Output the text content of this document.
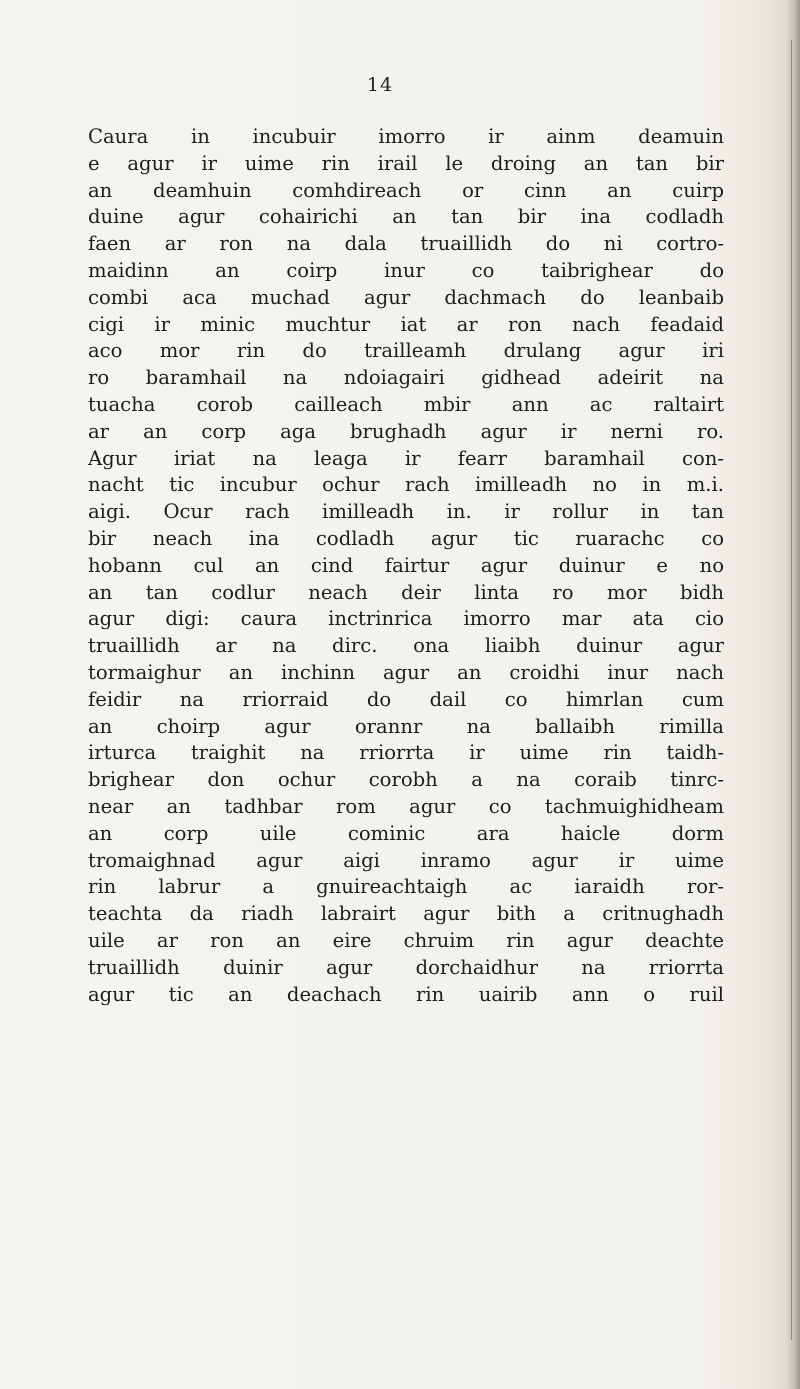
14
Caura in incubuir imorro ir ainm deamuin
e agur ir uime rin irail le droing an tan bir
an deamhuin comhdireach or cinn an cuirp
duine agur cohairichi an tan bir ina codladh
faen ar ron na dala truaillidh do ni cortro-
maidinn an coirp inur co taibrighear do
combi aca muchad agur dachmach do leanbaib
cigi ir minic muchtur iat ar ron nach feadaid
aco mor rin do trailleamh drulang agur iri
ro baramhail na ndoiagairi gidhead adeirit na
tuacha corob cailleach mbir ann ac raltairt
ar an corp aga brughadh agur ir nerni ro.
Agur iriat na leaga ir fearr baramhail con-
nacht tic incubur ochur rach imilleadh no in m.i.
aigi. Ocur rach imilleadh in. ir rollur in tan
bir neach ina codladh agur tic ruarachc co
hobann cul an cind fairtur agur duinur e no
an tan codlur neach deir linta ro mor bidh
agur digi: caura inctrinrica imorro mar ata cio
truaillidh ar na dirc. ona liaibh duinur agur
tormaighur an inchinn agur an croidhi inur nach
feidir na rriorraid do dail co himrlan cum
an choirp agur orannr na ballaibh rimilla
irturca traighit na rriorrta ir uime rin taidh-
brighear don ochur corobh a na coraib tinrc-
near an tadhbar rom agur co tachmuighidheam
an corp uile cominic ara haicle dorm
tromaighnad agur aigi inramo agur ir uime
rin labrur a gnuireachtaigh ac iaraidh ror-
teachta da riadh labrairt agur bith a critnughadh
uile ar ron an eire chruim rin agur deachte
truaillidh duinir agur dorchaidhur na rriorrta
agur tic an deachach rin uairib ann o ruil
